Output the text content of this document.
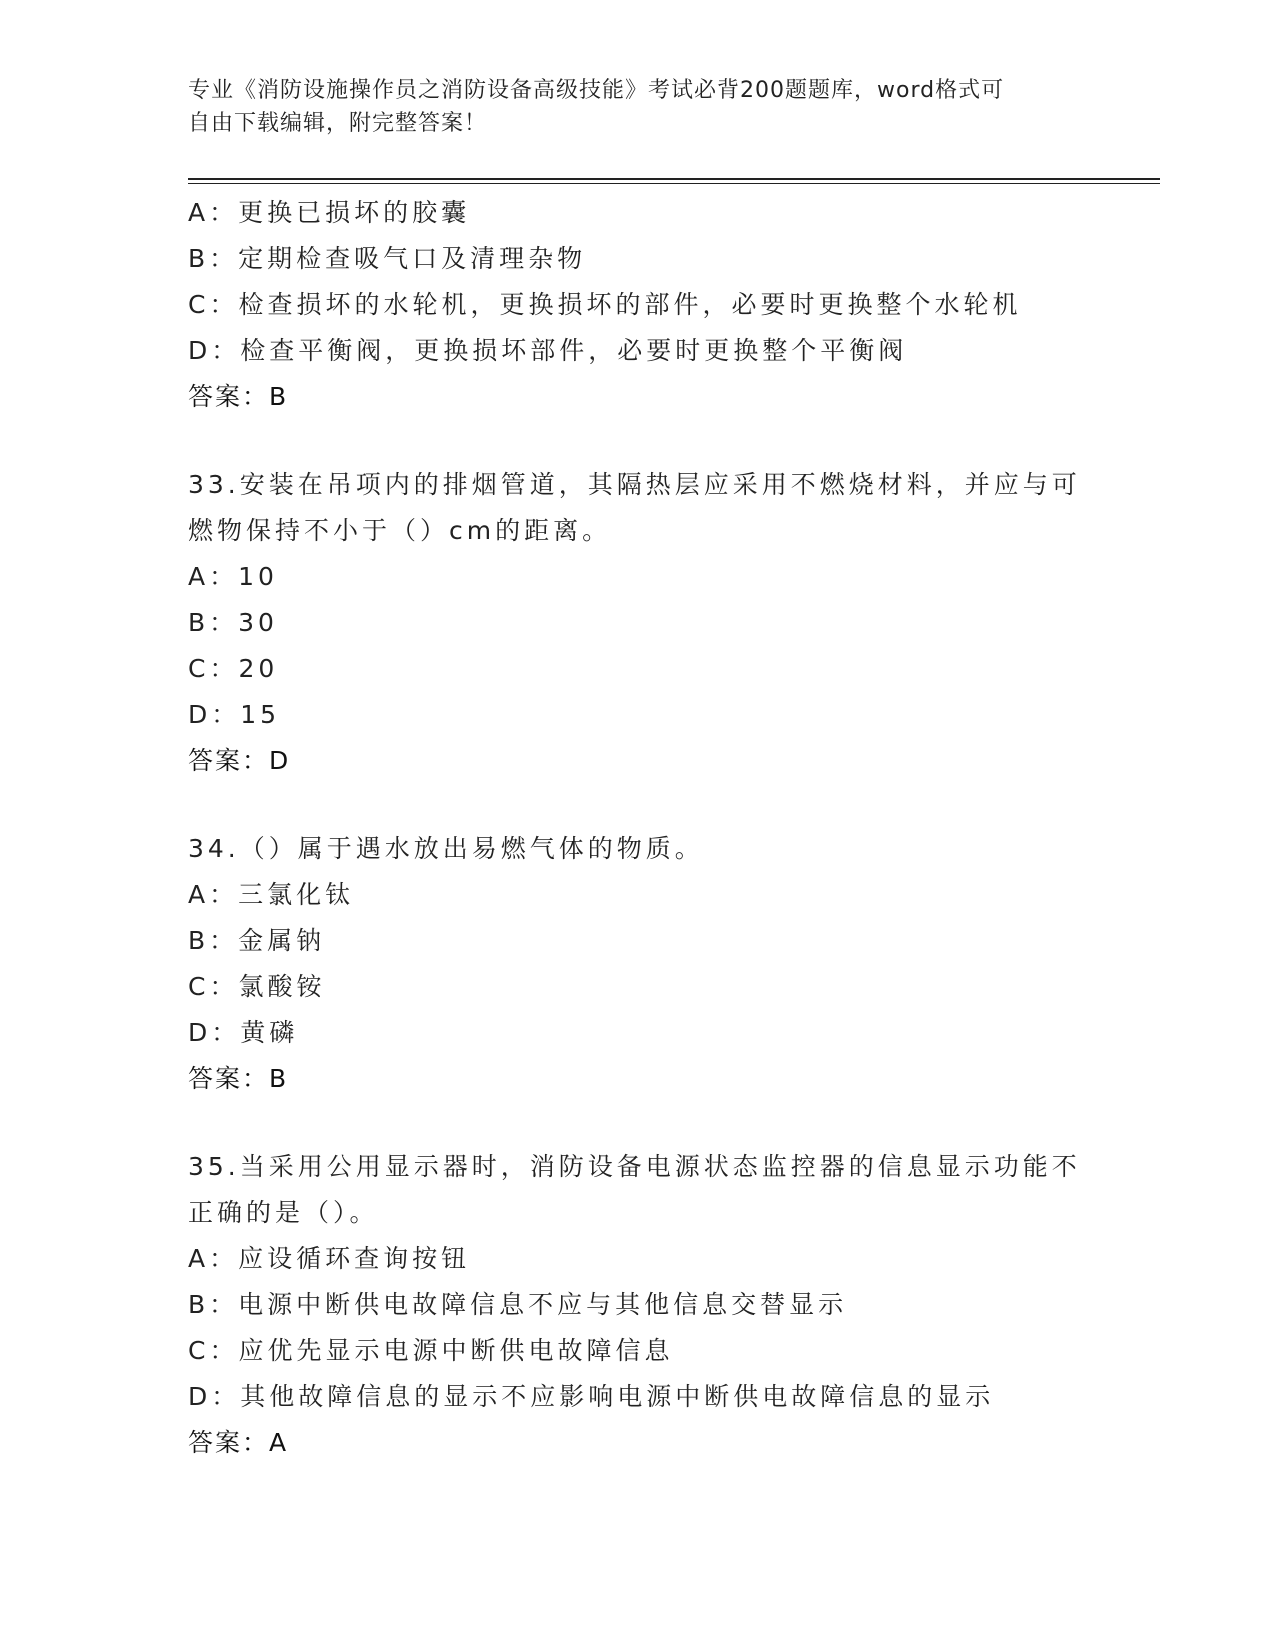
专业《消防设施操作员之消防设备高级技能》考试必背200题题库，word格式可
自由下载编辑，附完整答案！
A：更换已损坏的胶囊
B：定期检查吸气口及清理杂物
C：检查损坏的水轮机，更换损坏的部件，必要时更换整个水轮机
D：检查平衡阀，更换损坏部件，必要时更换整个平衡阀
答案：B
33.安装在吊项内的排烟管道，其隔热层应采用不燃烧材料，并应与可
燃物保持不小于（）cm的距离。
A：10
B：30
C：20
D：15
答案：D
34.（）属于遇水放出易燃气体的物质。
A：三氯化钛
B：金属钠
C：氯酸铵
D：黄磷
答案：B
35.当采用公用显示器时，消防设备电源状态监控器的信息显示功能不
正确的是（）。
A：应设循环查询按钮
B：电源中断供电故障信息不应与其他信息交替显示
C：应优先显示电源中断供电故障信息
D：其他故障信息的显示不应影响电源中断供电故障信息的显示
答案：A
